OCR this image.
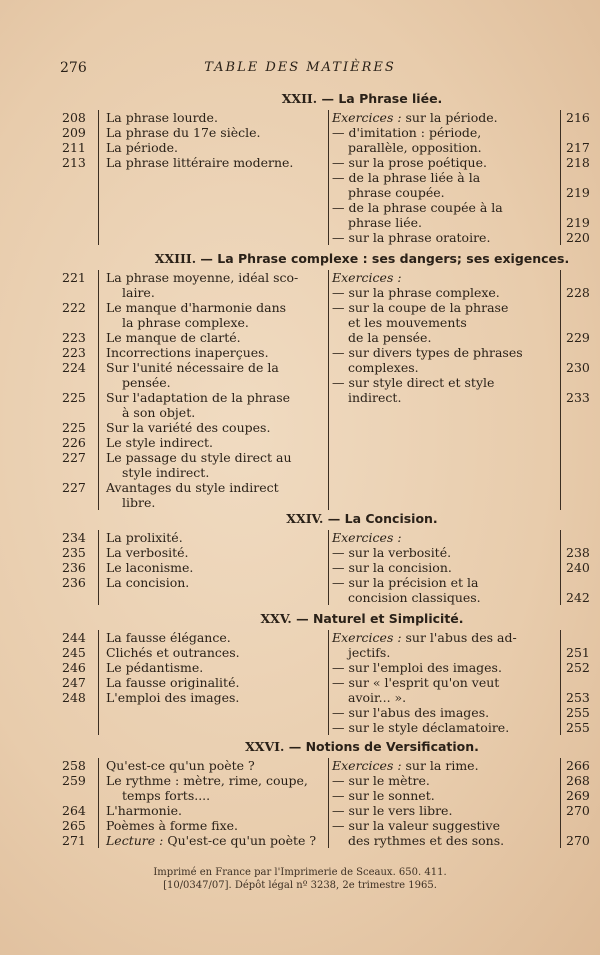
276	TABLE DES MATIÈRES
XXII. — La Phrase liée.
208	La phrase lourde.
209	La phrase du 17e siècle.
211	La période.
213	La phrase littéraire moderne.
Exercices : sur la période.	216
— d'imitation : période,
parallèle, opposition.	217
— sur la prose poétique.	218
— de la phrase liée à la
phrase coupée.	219
— de la phrase coupée à la
phrase liée.	219
— sur la phrase oratoire.	220
XXIII. — La Phrase complexe : ses dangers; ses exigences.
221	La phrase moyenne, idéal sco-
laire.
222	Le manque d'harmonie dans
la phrase complexe.
223	Le manque de clarté.
223	Incorrections inaperçues.
224	Sur l'unité nécessaire de la
pensée.
225	Sur l'adaptation de la phrase
à son objet.
225	Sur la variété des coupes.
226	Le style indirect.
227	Le passage du style direct au
style indirect.
227	Avantages du style indirect
libre.
Exercices :
— sur la phrase complexe.	228
— sur la coupe de la phrase
et les mouvements
de la pensée.	229
— sur divers types de phrases
complexes.	230
— sur style direct et style
indirect.	233
XXIV. — La Concision.
234	La prolixité.
235	La verbosité.
236	Le laconisme.
236	La concision.
Exercices :
— sur la verbosité.	238
— sur la concision.	240
— sur la précision et la
concision classiques.	242
XXV. — Naturel et Simplicité.
244	La fausse élégance.
245	Clichés et outrances.
246	Le pédantisme.
247	La fausse originalité.
248	L'emploi des images.
Exercices : sur l'abus des ad-
jectifs.	251
— sur l'emploi des images.	252
— sur « l'esprit qu'on veut
avoir... ».	253
— sur l'abus des images.	255
— sur le style déclamatoire.	255
XXVI. — Notions de Versification.
258	Qu'est-ce qu'un poète ?
259	Le rythme : mètre, rime, coupe,
temps forts....
264	L'harmonie.
265	Poèmes à forme fixe.
271	Lecture : Qu'est-ce qu'un poète ?
Exercices : sur la rime.	266
— sur le mètre.	268
— sur le sonnet.	269
— sur le vers libre.	270
— sur la valeur suggestive
des rythmes et des sons.	270
Imprimé en France par l'Imprimerie de Sceaux. 650. 411.
[10/0347/07]. Dépôt légal nº 3238, 2e trimestre 1965.
